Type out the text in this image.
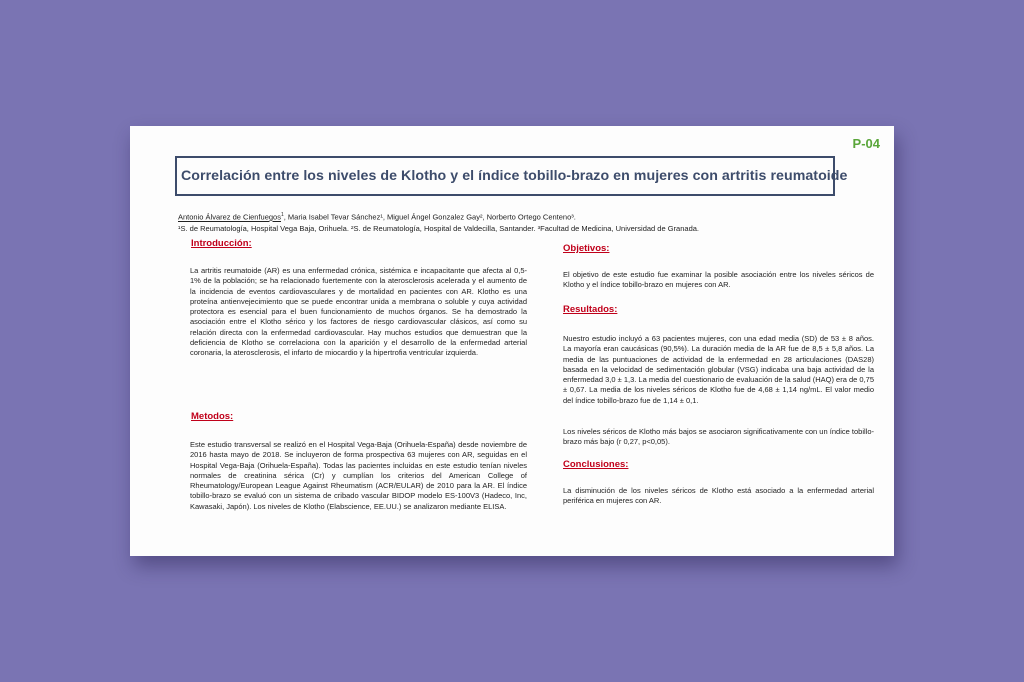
P-04
Correlación entre los niveles de Klotho y el índice tobillo-brazo en mujeres con artritis reumatoide
Antonio Álvarez de Cienfuegos$^1$, Maria Isabel Tevar Sánchez¹, Miguel Ángel Gonzalez Gay², Norberto Ortego Centeno³.
¹S. de Reumatología, Hospital Vega Baja, Orihuela. ²S. de Reumatología, Hospital de Valdecilla, Santander. ³Facultad de Medicina, Universidad de Granada.
Introducción:

La artritis reumatoide (AR) es una enfermedad crónica, sistémica e incapacitante que afecta al 0,5-1% de la población; se ha relacionado fuertemente con la aterosclerosis acelerada y el aumento de la incidencia de eventos cardiovasculares y de mortalidad en pacientes con AR. Klotho es una proteína antienvejecimiento que se puede encontrar unida a membrana o soluble y cuya actividad protectora es esencial para el buen funcionamiento de muchos órganos. Se ha demostrado la asociación entre el Klotho sérico y los factores de riesgo cardiovascular clásicos, así como su relación directa con la enfermedad cardiovascular. Hay muchos estudios que demuestran que la deficiencia de Klotho se correlaciona con la aparición y el desarrollo de la enfermedad arterial coronaria, la aterosclerosis, el infarto de miocardio y la hipertrofia ventricular izquierda.

Metodos:

Este estudio transversal se realizó en el Hospital Vega-Baja (Orihuela-España) desde noviembre de 2016 hasta mayo de 2018. Se incluyeron de forma prospectiva 63 mujeres con AR, seguidas en el Hospital Vega-Baja (Orihuela-España). Todas las pacientes incluidas en este estudio tenían niveles normales de creatinina sérica (Cr) y cumplían los criterios del American College of Rheumatology/European League Against Rheumatism (ACR/EULAR) de 2010 para la AR. El índice tobillo-brazo se evaluó con un sistema de cribado vascular BIDOP modelo ES-100V3 (Hadeco, Inc, Kawasaki, Japón). Los niveles de Klotho (Elabscience, EE.UU.) se analizaron mediante ELISA.

Objetivos:

El objetivo de este estudio fue examinar la posible asociación entre los niveles séricos de Klotho y el índice tobillo-brazo en mujeres con AR.

Resultados:

Nuestro estudio incluyó a 63 pacientes mujeres, con una edad media (SD) de 53 ± 8 años. La mayoría eran caucásicas (90,5%). La duración media de la AR fue de 8,5 ± 5,8 años. La media de las puntuaciones de actividad de la enfermedad en 28 articulaciones (DAS28) basada en la velocidad de sedimentación globular (VSG) indicaba una baja actividad de la enfermedad 3,0 ± 1,3. La media del cuestionario de evaluación de la salud (HAQ) era de 0,75 ± 0,67. La media de los niveles séricos de Klotho fue de 4,68 ± 1,14 ng/mL. El valor medio del índice tobillo-brazo fue de 1,14 ± 0,1.

Los niveles séricos de Klotho más bajos se asociaron significativamente con un índice tobillo-brazo más bajo (r 0,27, p<0,05).

Conclusiones:

La disminución de los niveles séricos de Klotho está asociado a la enfermedad arterial periférica en mujeres con AR.
